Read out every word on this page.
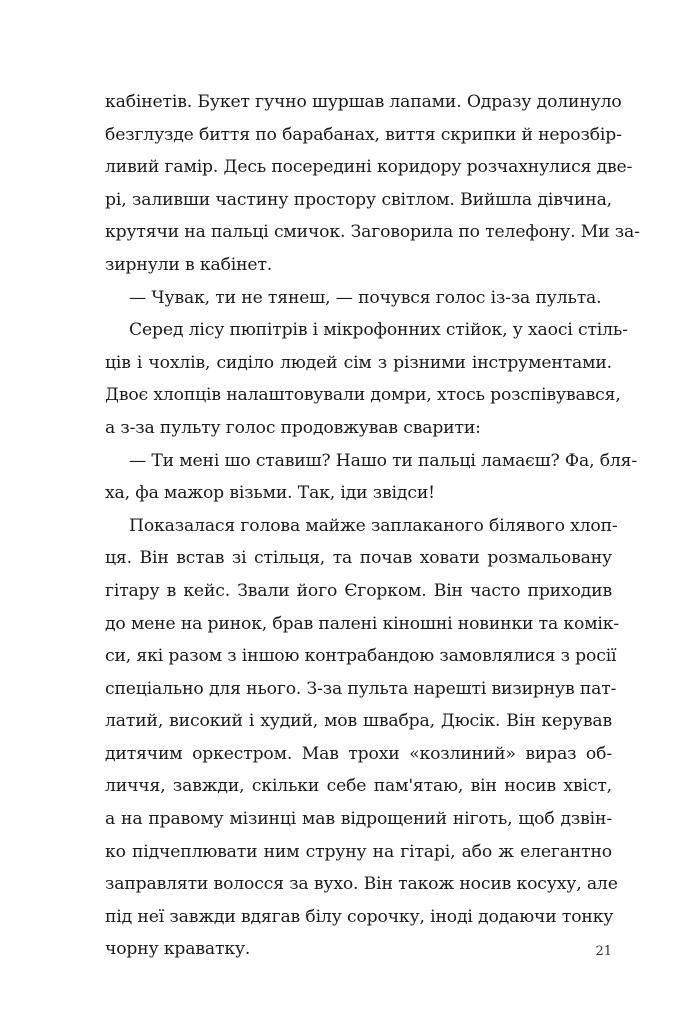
кабінетів. Букет гучно шуршав лапами. Одразу долинуло
безглузде биття по барабанах, виття скрипки й нерозбір-
ливий гамір. Десь посередині коридору розчахнулися две-
рі, заливши частину простору світлом. Вийшла дівчина,
крутячи на пальці смичок. Заговорила по телефону. Ми за-
зирнули в кабінет.
— Чувак, ти не тянеш, — почувся голос із-за пульта.
Серед лісу пюпітрів і мікрофонних стійок, у хаосі стіль-
ців і чохлів, сиділо людей сім з різними інструментами.
Двоє хлопців налаштовували домри, хтось розспівувався,
а з-за пульту голос продовжував сварити:
— Ти мені шо ставиш? Нашо ти пальці ламаєш? Фа, бля-
ха, фа мажор візьми. Так, іди звідси!
Показалася голова майже заплаканого білявого хлоп-
ця. Він встав зі стільця, та почав ховати розмальовану
гітару в кейс. Звали його Єгорком. Він часто приходив
до мене на ринок, брав палені кіношні новинки та комік-
си, які разом з іншою контрабандою замовлялися з росії
спеціально для нього. З-за пульта нарешті визирнув пат-
латий, високий і худий, мов швабра, Дюсік. Він керував
дитячим оркестром. Мав трохи «козлиний» вираз об-
личчя, завжди, скільки себе пам'ятаю, він носив хвіст,
а на правому мізинці мав відрощений ніготь, щоб дзвін-
ко підчеплювати ним струну на гітарі, або ж елегантно
заправляти волосся за вухо. Він також носив косуху, але
під неї завжди вдягав білу сорочку, іноді додаючи тонку
чорну краватку.	21
